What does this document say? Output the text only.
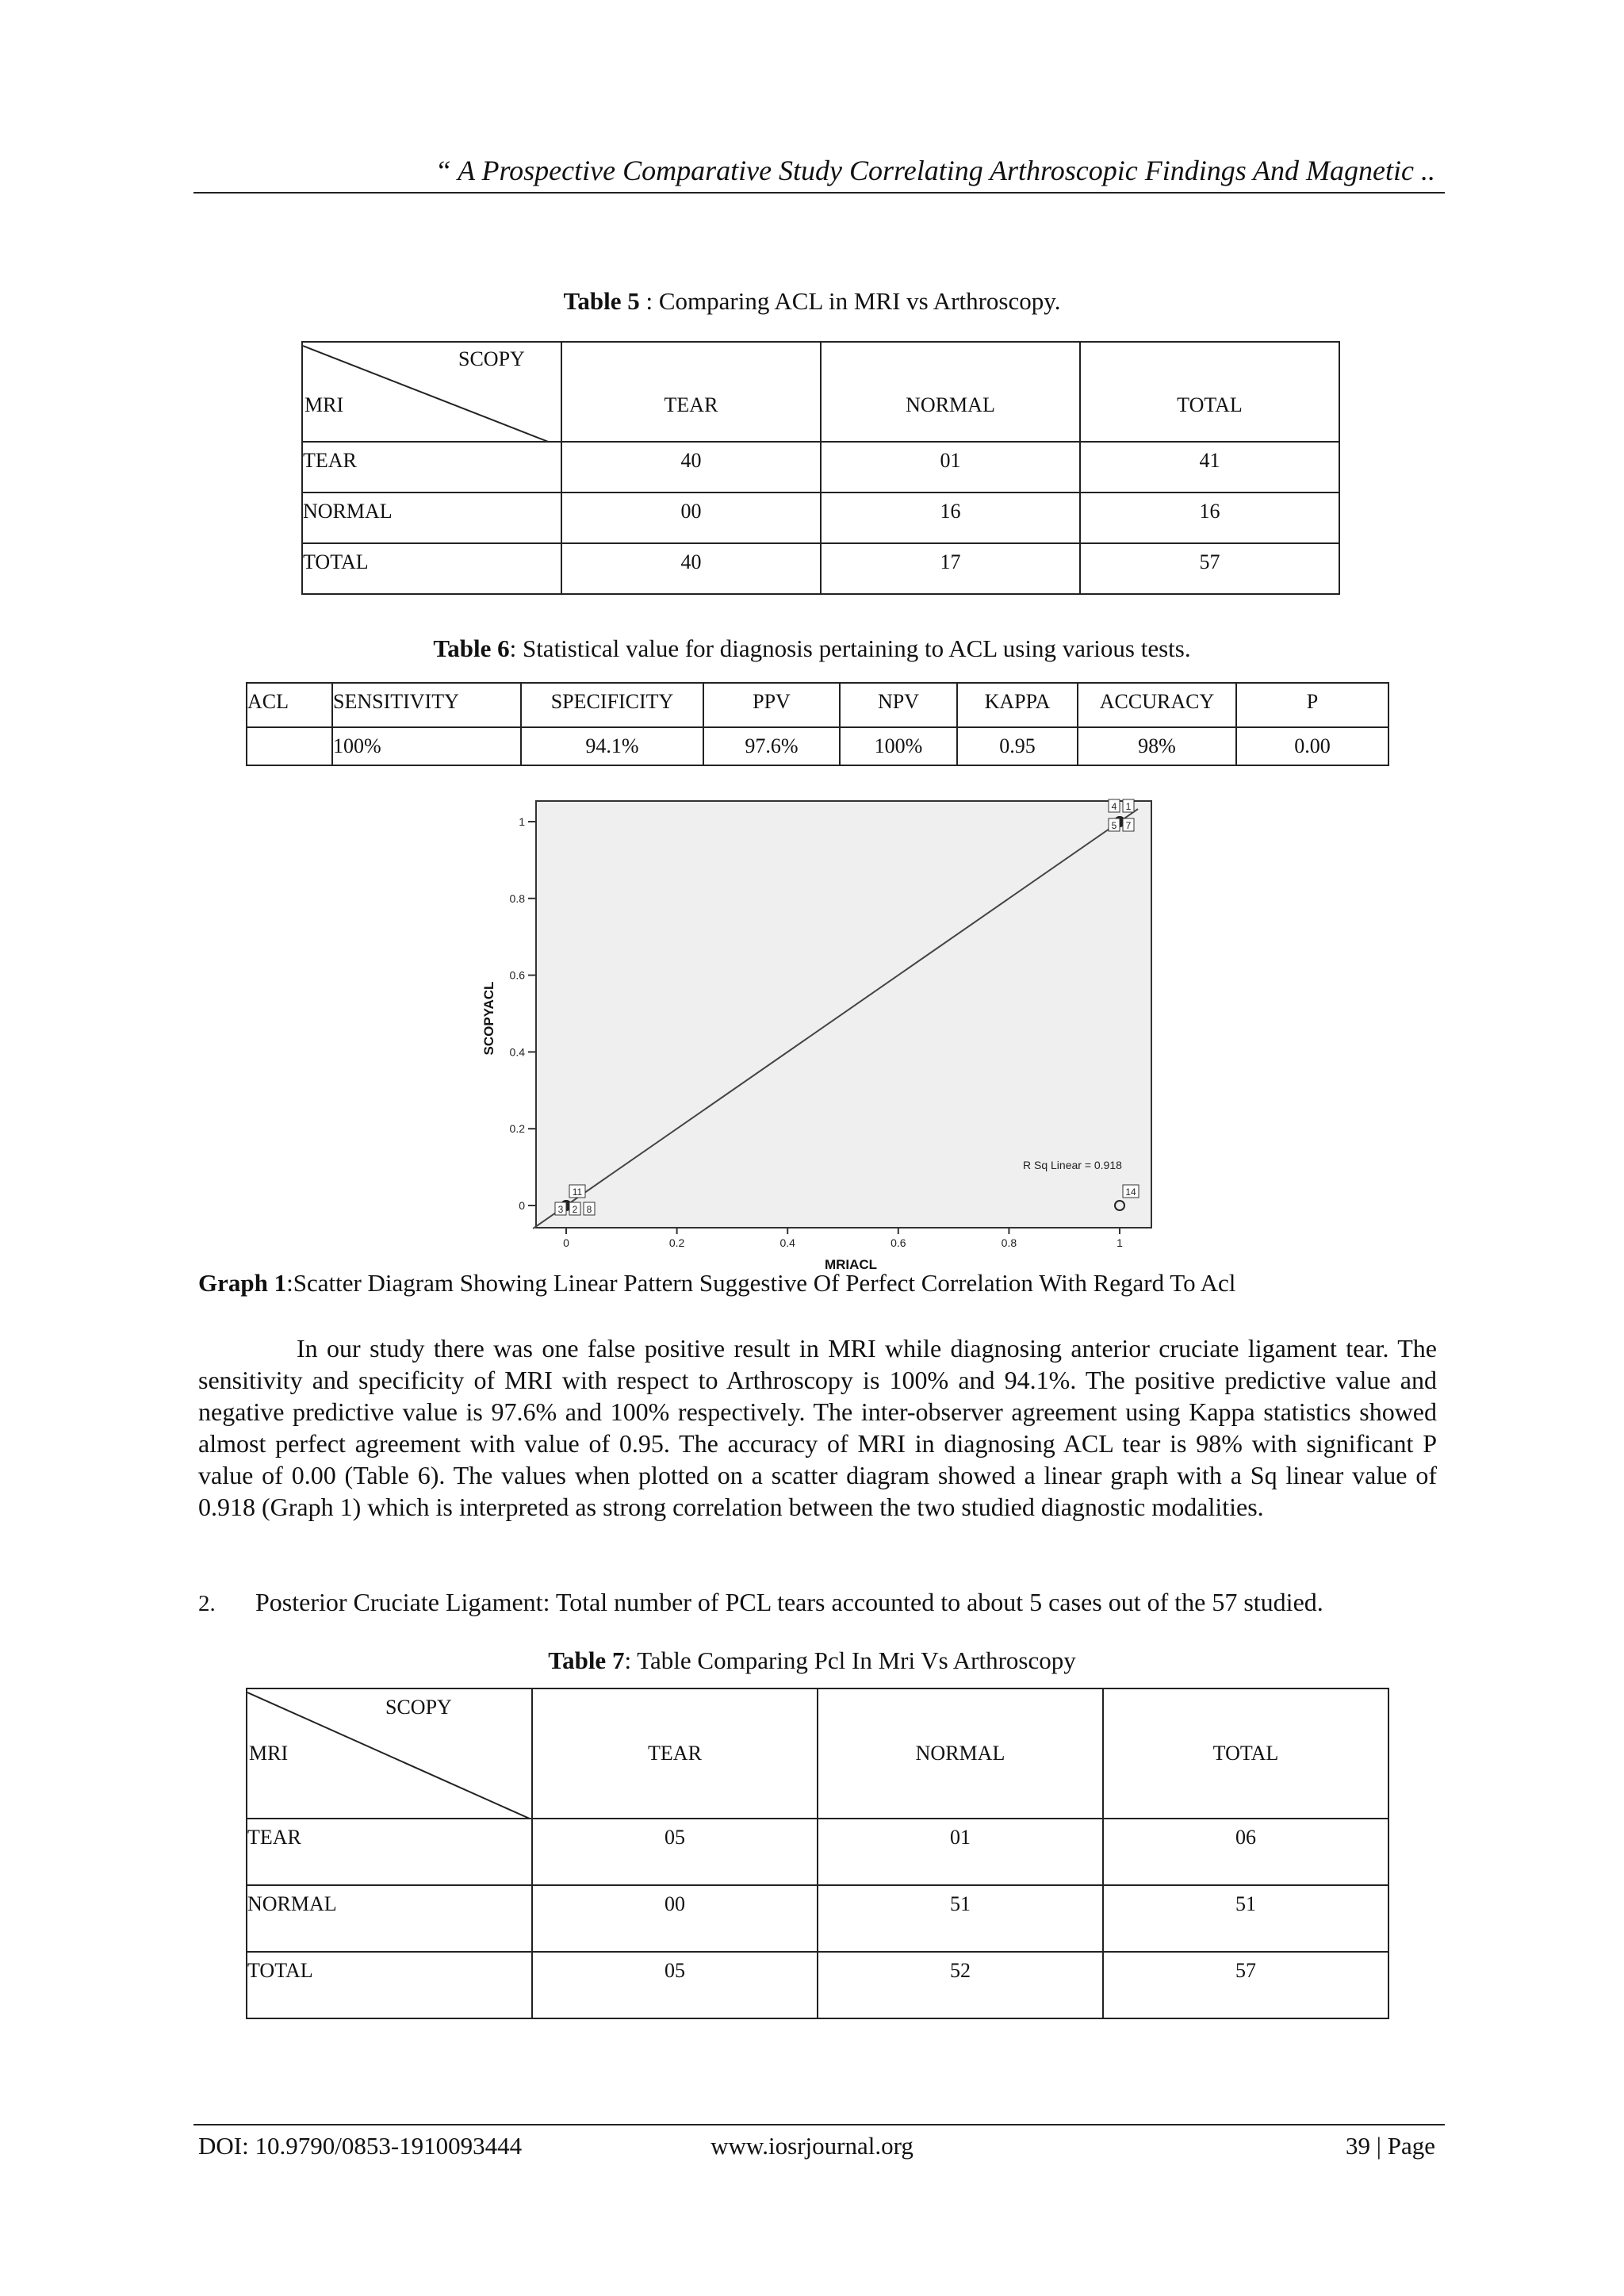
“ A Prospective Comparative Study Correlating Arthroscopic Findings And Magnetic ..
Table 5 : Comparing ACL in MRI vs Arthroscopy.
SCOPY
MRI	TEAR	NORMAL	TOTAL
TEAR	40	01	41
NORMAL	00	16	16
TOTAL	40	17	57
Table 6: Statistical value for diagnosis pertaining to ACL using various tests.
ACL	SENSITIVITY	SPECIFICITY	PPV	NPV	KAPPA	ACCURACY	P
	100%	94.1%	97.6%	100%	0.95	98%	0.00
0
0.2
0.4
0.6
0.8
1
0	0.2	0.4	0.6	0.8	1
MRIACL
SCOPYACL
11
3 2 8
4 1
5 7
14
R Sq Linear = 0.918
Graph 1:Scatter Diagram Showing Linear Pattern Suggestive Of Perfect Correlation With Regard To Acl
In our study there was one false positive result in MRI while diagnosing anterior cruciate ligament tear. The sensitivity and specificity of MRI with respect to Arthroscopy is 100% and 94.1%. The positive predictive value and negative predictive value is 97.6% and 100% respectively. The inter-observer agreement using Kappa statistics showed almost perfect agreement with value of 0.95. The accuracy of MRI in diagnosing ACL tear is 98% with significant P value of 0.00 (Table 6). The values when plotted on a scatter diagram showed a linear graph with a Sq linear value of 0.918 (Graph 1) which is interpreted as strong correlation between the two studied diagnostic modalities.
2. Posterior Cruciate Ligament: Total number of PCL tears accounted to about 5 cases out of the 57 studied.
Table 7: Table Comparing Pcl In Mri Vs Arthroscopy
SCOPY
MRI	TEAR	NORMAL	TOTAL
TEAR	05	01	06
NORMAL	00	51	51
TOTAL	05	52	57
DOI: 10.9790/0853-1910093444	www.iosrjournal.org	39 | Page
